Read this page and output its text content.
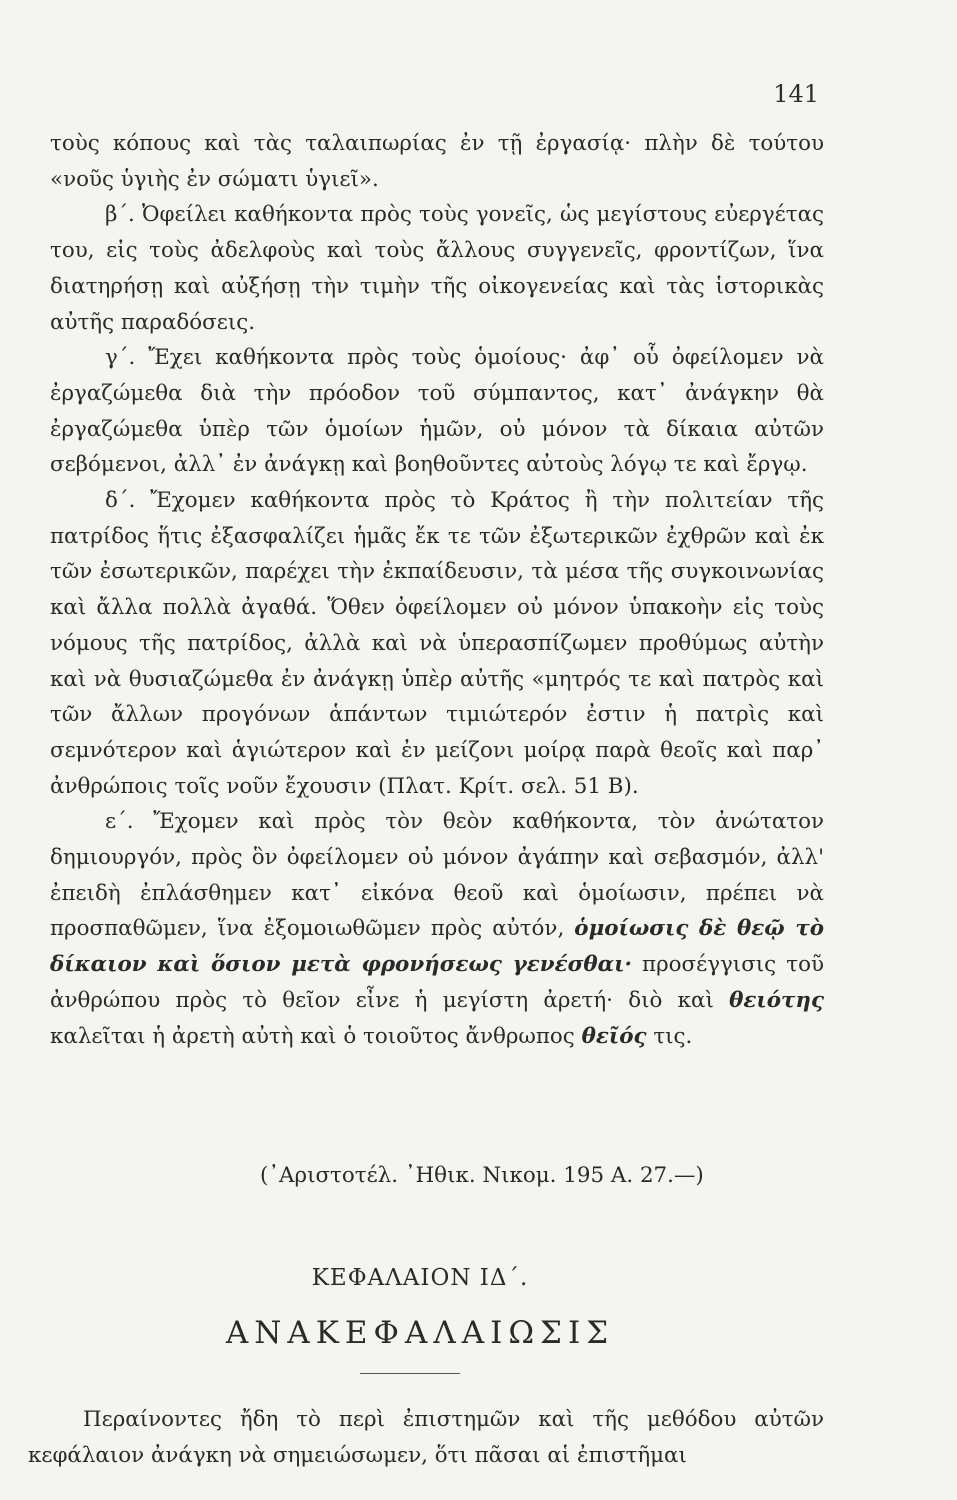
141

τοὺς κόπους καὶ τὰς ταλαιπωρίας ἐν τῇ ἐργασίᾳ· πλὴν δὲ τούτου «νοῦς ὑγιὴς ἐν σώματι ὑγιεῖ».

β΄. Ὀφείλει καθήκοντα πρὸς τοὺς γονεῖς, ὡς μεγίστους εὐεργέτας του, εἰς τοὺς ἀδελφοὺς καὶ τοὺς ἄλλους συγγενεῖς, φροντίζων, ἵνα διατηρήσῃ καὶ αὐξήσῃ τὴν τιμὴν τῆς οἰκογενείας καὶ τὰς ἱστορικὰς αὐτῆς παραδόσεις.

γ΄. Ἔχει καθήκοντα πρὸς τοὺς ὁμοίους· ἀφ᾽ οὗ ὀφείλομεν νὰ ἐργαζώμεθα διὰ τὴν πρόοδον τοῦ σύμπαντος, κατ᾽ ἀνάγκην θὰ ἐργαζώμεθα ὑπὲρ τῶν ὁμοίων ἡμῶν, οὐ μόνον τὰ δίκαια αὐτῶν σεβόμενοι, ἀλλ᾽ ἐν ἀνάγκῃ καὶ βοηθοῦντες αὐτοὺς λόγῳ τε καὶ ἔργῳ.

δ΄. Ἔχομεν καθήκοντα πρὸς τὸ Κράτος ἢ τὴν πολιτείαν τῆς πατρίδος ἥτις ἐξασφαλίζει ἡμᾶς ἔκ τε τῶν ἐξωτερικῶν ἐχθρῶν καὶ ἐκ τῶν ἐσωτερικῶν, παρέχει τὴν ἐκπαίδευσιν, τὰ μέσα τῆς συγκοινωνίας καὶ ἄλλα πολλὰ ἀγαθά. Ὅθεν ὀφείλομεν οὐ μόνον ὑπακοὴν εἰς τοὺς νόμους τῆς πατρίδος, ἀλλὰ καὶ νὰ ὑπερασπίζωμεν προθύμως αὐτὴν καὶ νὰ θυσιαζώμεθα ἐν ἀνάγκῃ ὑπὲρ αὐτῆς «μητρός τε καὶ πατρὸς καὶ τῶν ἄλλων προγόνων ἁπάντων τιμιώτερόν ἐστιν ἡ πατρὶς καὶ σεμνότερον καὶ ἁγιώτερον καὶ ἐν μείζονι μοίρᾳ παρὰ θεοῖς καὶ παρ᾽ ἀνθρώποις τοῖς νοῦν ἔχουσιν (Πλατ. Κρίτ. σελ. 51 Β).

ε΄. Ἔχομεν καὶ πρὸς τὸν θεὸν καθήκοντα, τὸν ἀνώτατον δημιουργόν, πρὸς ὃν ὀφείλομεν οὐ μόνον ἀγάπην καὶ σεβασμόν, ἀλλ' ἐπειδὴ ἐπλάσθημεν κατ᾽ εἰκόνα θεοῦ καὶ ὁμοίωσιν, πρέπει νὰ προσπαθῶμεν, ἵνα ἐξομοιωθῶμεν πρὸς αὐτόν, ὁμοίωσις δὲ θεῷ τὸ δίκαιον καὶ ὅσιον μετὰ φρονήσεως γενέσθαι· προσέγγισις τοῦ ἀνθρώπου πρὸς τὸ θεῖον εἶνε ἡ μεγίστη ἀρετή· διὸ καὶ θειότης καλεῖται ἡ ἀρετὴ αὐτὴ καὶ ὁ τοιοῦτος ἄνθρωπος θεῖός τις.

(᾽Αριστοτέλ. ᾽Ηθικ. Νικομ. 195 Α. 27.—)
ΚΕΦΑΛΑΙΟΝ ΙΔ΄.
ΑΝΑΚΕΦΑΛΑΙΩΣΙΣ

Περαίνοντες ἤδη τὸ περὶ ἐπιστημῶν καὶ τῆς μεθόδου αὐτῶν κεφάλαιον ἀνάγκη νὰ σημειώσωμεν, ὅτι πᾶσαι αἱ ἐπιστῆμαι
